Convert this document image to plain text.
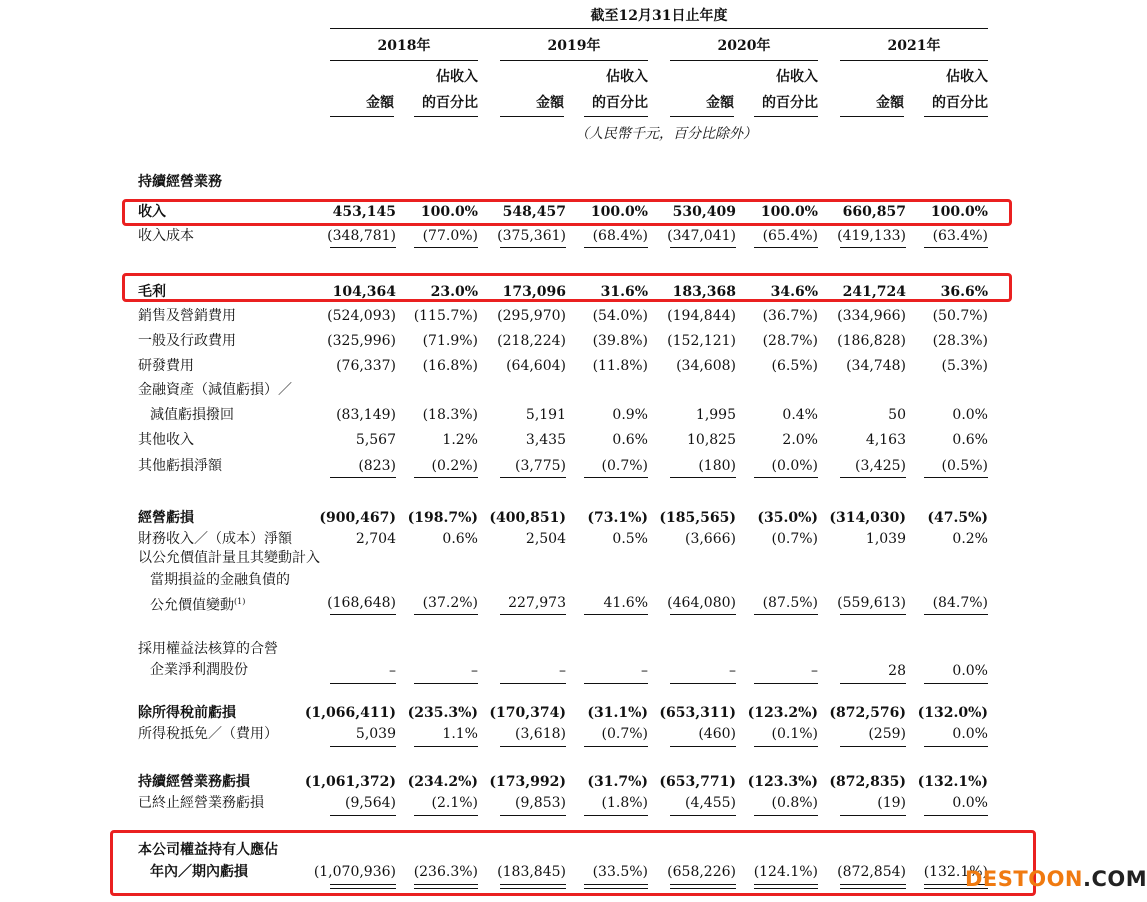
截至12月31日止年度
2018年	2019年	2020年	2021年
佔收入	佔收入	佔收入	佔收入
金額	金額	金額	金額
的百分比	的百分比	的百分比	的百分比
（人民幣千元，百分比除外）
持續經營業務
收入	453,145	100.0%	548,457	100.0%	530,409	100.0%	660,857	100.0%
收入成本	(348,781)	(77.0%)	(375,361)	(68.4%)	(347,041)	(65.4%)	(419,133)	(63.4%)
毛利	104,364	23.0%	173,096	31.6%	183,368	34.6%	241,724	36.6%
銷售及營銷費用	(524,093)	(115.7%)	(295,970)	(54.0%)	(194,844)	(36.7%)	(334,966)	(50.7%)
一般及行政費用	(325,996)	(71.9%)	(218,224)	(39.8%)	(152,121)	(28.7%)	(186,828)	(28.3%)
研發費用	(76,337)	(16.8%)	(64,604)	(11.8%)	(34,608)	(6.5%)	(34,748)	(5.3%)
金融資產（減值虧損）／
減值虧損撥回	(83,149)	(18.3%)	5,191	0.9%	1,995	0.4%	50	0.0%
其他收入	5,567	1.2%	3,435	0.6%	10,825	2.0%	4,163	0.6%
其他虧損淨額	(823)	(0.2%)	(3,775)	(0.7%)	(180)	(0.0%)	(3,425)	(0.5%)
經營虧損	(900,467) (198.7%) (400,851)	(73.1%) (185,565)	(35.0%) (314,030)	(47.5%)
財務收入／（成本）淨額	2,704	0.6%	2,504	0.5%	(3,666)	(0.7%)	1,039	0.2%
以公允價值計量且其變動計入
當期損益的金融負債的
公允價值變動$^{(1)}$	(168,648)	(37.2%)	227,973	41.6%	(464,080)	(87.5%)	(559,613)	(84.7%)
採用權益法核算的合營
企業淨利潤股份	–	–	–	–	–	–	28	0.0%
除所得稅前虧損	(1,066,411) (235.3%) (170,374)	(31.1%) (653,311) (123.2%) (872,576) (132.0%)
所得稅抵免／（費用）	5,039	1.1%	(3,618)	(0.7%)	(460)	(0.1%)	(259)	0.0%
持續經營業務虧損	(1,061,372) (234.2%) (173,992)	(31.7%) (653,771) (123.3%) (872,835) (132.1%)
已終止經營業務虧損	(9,564)	(2.1%)	(9,853)	(1.8%)	(4,455)	(0.8%)	(19)	0.0%
本公司權益持有人應佔
年內／期內虧損	(1,070,936)	(236.3%)	(183,845)	(33.5%)	(658,226)	(124.1%)	(872,854)	(132.1%)
DESTOON.COM
